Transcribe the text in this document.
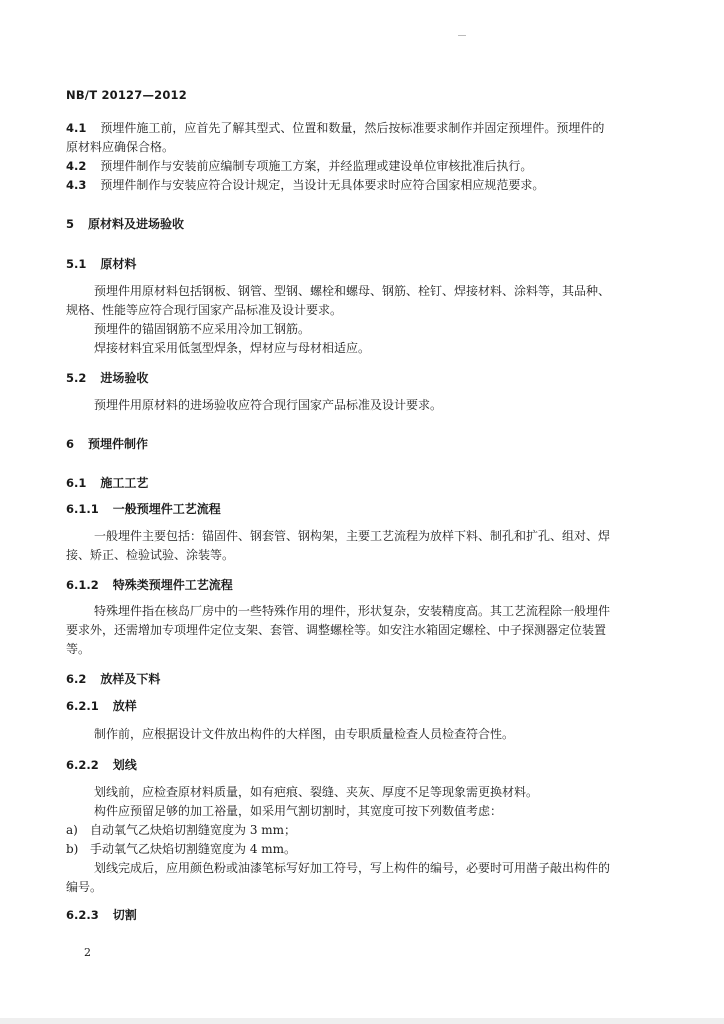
NB/T 20127—2012
4.1 预埋件施工前，应首先了解其型式、位置和数量，然后按标准要求制作并固定预埋件。预埋件的
原材料应确保合格。
4.2 预埋件制作与安装前应编制专项施工方案，并经监理或建设单位审核批准后执行。
4.3 预埋件制作与安装应符合设计规定，当设计无具体要求时应符合国家相应规范要求。
5 原材料及进场验收
5.1 原材料
预埋件用原材料包括钢板、钢管、型钢、螺栓和螺母、钢筋、栓钉、焊接材料、涂料等，其品种、
规格、性能等应符合现行国家产品标准及设计要求。
预埋件的锚固钢筋不应采用冷加工钢筋。
焊接材料宜采用低氢型焊条，焊材应与母材相适应。
5.2 进场验收
预埋件用原材料的进场验收应符合现行国家产品标准及设计要求。
6 预埋件制作
6.1 施工工艺
6.1.1 一般预埋件工艺流程
一般埋件主要包括：锚固件、钢套管、钢构架，主要工艺流程为放样下料、制孔和扩孔、组对、焊
接、矫正、检验试验、涂装等。
6.1.2 特殊类预埋件工艺流程
特殊埋件指在核岛厂房中的一些特殊作用的埋件，形状复杂，安装精度高。其工艺流程除一般埋件
要求外，还需增加专项埋件定位支架、套管、调整螺栓等。如安注水箱固定螺栓、中子探测器定位装置
等。
6.2 放样及下料
6.2.1 放样
制作前，应根据设计文件放出构件的大样图，由专职质量检查人员检查符合性。
6.2.2 划线
划线前，应检查原材料质量，如有疤痕、裂缝、夹灰、厚度不足等现象需更换材料。
构件应预留足够的加工裕量，如采用气割切割时，其宽度可按下列数值考虑：
a) 自动氧气乙炔焰切割缝宽度为 3 mm；
b) 手动氧气乙炔焰切割缝宽度为 4 mm。
划线完成后，应用颜色粉或油漆笔标写好加工符号，写上构件的编号，必要时可用凿子敲出构件的
编号。
6.2.3 切割
2
